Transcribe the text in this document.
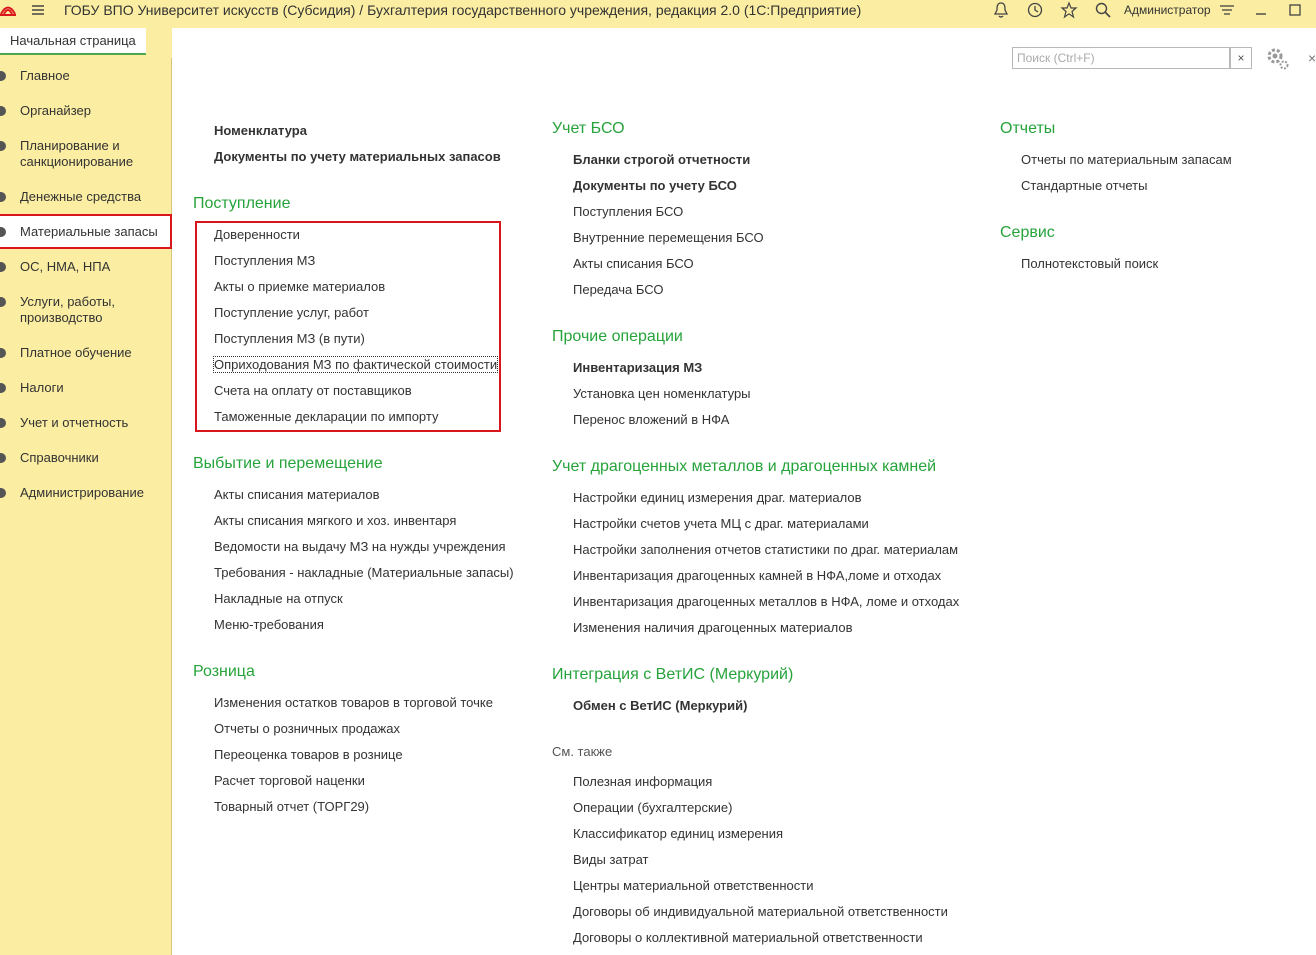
ГОБУ ВПО Университет искусств (Субсидия) / Бухгалтерия государственного учреждения, редакция 2.0 (1С:Предприятие)	Администратор
Начальная страница
Главное
Органайзер
Планирование и санкционирование
Денежные средства
Материальные запасы
ОС, НМА, НПА
Услуги, работы, производство
Платное обучение
Налоги
Учет и отчетность
Справочники
Администрирование
Поиск (Ctrl+F)	×	×
Номенклатура
Документы по учету материальных запасов
Поступление
Доверенности
Поступления МЗ
Акты о приемке материалов
Поступление услуг, работ
Поступления МЗ (в пути)
Оприходования МЗ по фактической стоимости
Счета на оплату от поставщиков
Таможенные декларации по импорту
Выбытие и перемещение
Акты списания материалов
Акты списания мягкого и хоз. инвентаря
Ведомости на выдачу МЗ на нужды учреждения
Требования - накладные (Материальные запасы)
Накладные на отпуск
Меню-требования
Розница
Изменения остатков товаров в торговой точке
Отчеты о розничных продажах
Переоценка товаров в рознице
Расчет торговой наценки
Товарный отчет (ТОРГ29)
Учет БСО
Бланки строгой отчетности
Документы по учету БСО
Поступления БСО
Внутренние перемещения БСО
Акты списания БСО
Передача БСО
Прочие операции
Инвентаризация МЗ
Установка цен номенклатуры
Перенос вложений в НФА
Учет драгоценных металлов и драгоценных камней
Настройки единиц измерения драг. материалов
Настройки счетов учета МЦ с драг. материалами
Настройки заполнения отчетов статистики по драг. материалам
Инвентаризация драгоценных камней в НФА,ломе и отходах
Инвентаризация драгоценных металлов в НФА, ломе и отходах
Изменения наличия драгоценных материалов
Интеграция с ВетИС (Меркурий)
Обмен с ВетИС (Меркурий)
См. также
Полезная информация
Операции (бухгалтерские)
Классификатор единиц измерения
Виды затрат
Центры материальной ответственности
Договоры об индивидуальной материальной ответственности
Договоры о коллективной материальной ответственности
Отчеты
Отчеты по материальным запасам
Стандартные отчеты
Сервис
Полнотекстовый поиск
